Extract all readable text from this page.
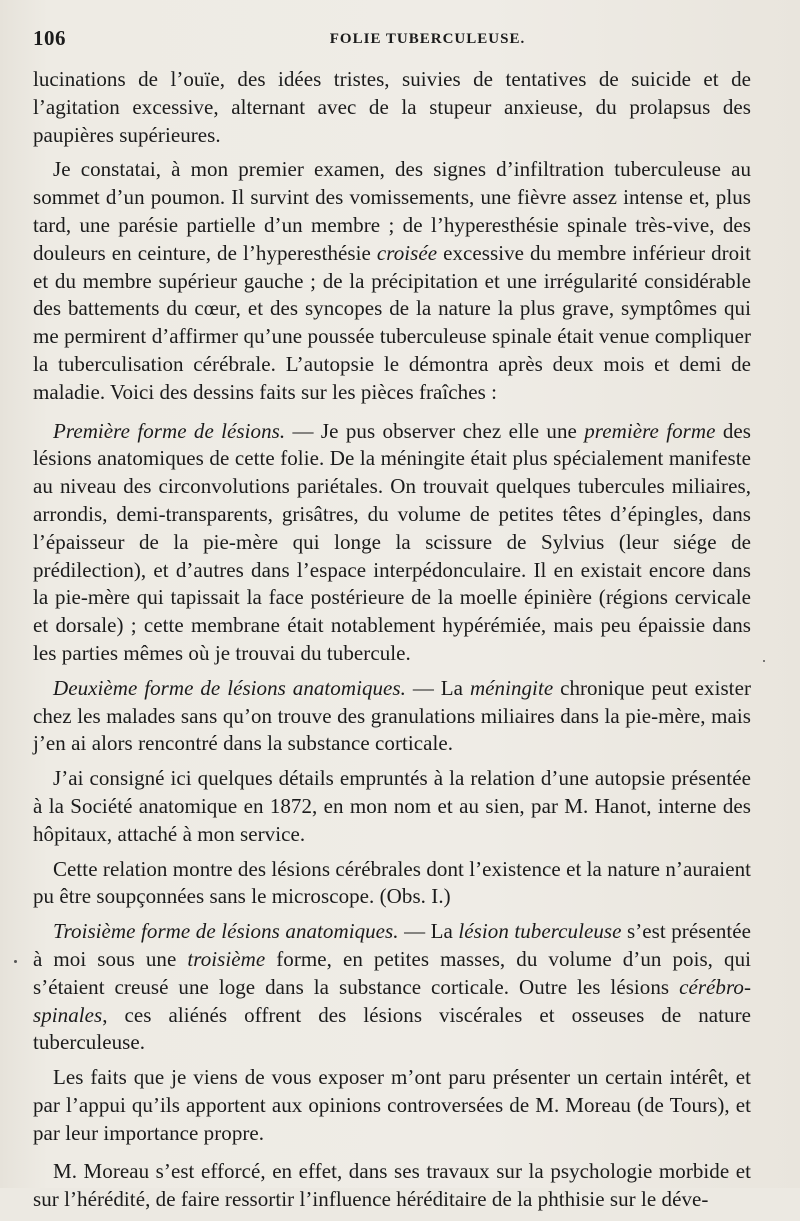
106	FOLIE TUBERCULEUSE.

lucinations de l’ouïe, des idées tristes, suivies de tentatives de suicide et de l’agitation excessive, alternant avec de la stupeur anxieuse, du prolapsus des paupières supérieures.

Je constatai, à mon premier examen, des signes d’infiltration tuberculeuse au sommet d’un poumon. Il survint des vomissements, une fièvre assez intense et, plus tard, une parésie partielle d’un membre ; de l’hyperesthésie spinale très-vive, des douleurs en ceinture, de l’hyperesthésie croisée excessive du membre inférieur droit et du membre supérieur gauche ; de la précipitation et une irrégularité considérable des battements du cœur, et des syncopes de la nature la plus grave, symptômes qui me permirent d’affirmer qu’une poussée tuberculeuse spinale était venue compliquer la tuberculisation cérébrale. L’autopsie le démontra après deux mois et demi de maladie. Voici des dessins faits sur les pièces fraîches :

Première forme de lésions. — Je pus observer chez elle une première forme des lésions anatomiques de cette folie. De la méningite était plus spécialement manifeste au niveau des circonvolutions pariétales. On trouvait quelques tubercules miliaires, arrondis, demi-transparents, grisâtres, du volume de petites têtes d’épingles, dans l’épaisseur de la pie-mère qui longe la scissure de Sylvius (leur siége de prédilection), et d’autres dans l’espace interpédonculaire. Il en existait encore dans la pie-mère qui tapissait la face postérieure de la moelle épinière (régions cervicale et dorsale) ; cette membrane était notablement hypérémiée, mais peu épaissie dans les parties mêmes où je trouvai du tubercule.

Deuxième forme de lésions anatomiques. — La méningite chronique peut exister chez les malades sans qu’on trouve des granulations miliaires dans la pie-mère, mais j’en ai alors rencontré dans la substance corticale.

J’ai consigné ici quelques détails empruntés à la relation d’une autopsie présentée à la Société anatomique en 1872, en mon nom et au sien, par M. Hanot, interne des hôpitaux, attaché à mon service.

Cette relation montre des lésions cérébrales dont l’existence et la nature n’auraient pu être soupçonnées sans le microscope. (Obs. I.)

Troisième forme de lésions anatomiques. — La lésion tuberculeuse s’est présentée à moi sous une troisième forme, en petites masses, du volume d’un pois, qui s’étaient creusé une loge dans la substance corticale. Outre les lésions cérébro-spinales, ces aliénés offrent des lésions viscérales et osseuses de nature tuberculeuse.

Les faits que je viens de vous exposer m’ont paru présenter un certain intérêt, et par l’appui qu’ils apportent aux opinions controversées de M. Moreau (de Tours), et par leur importance propre.

M. Moreau s’est efforcé, en effet, dans ses travaux sur la psychologie morbide et sur l’hérédité, de faire ressortir l’influence héréditaire de la phthisie sur le déve-
